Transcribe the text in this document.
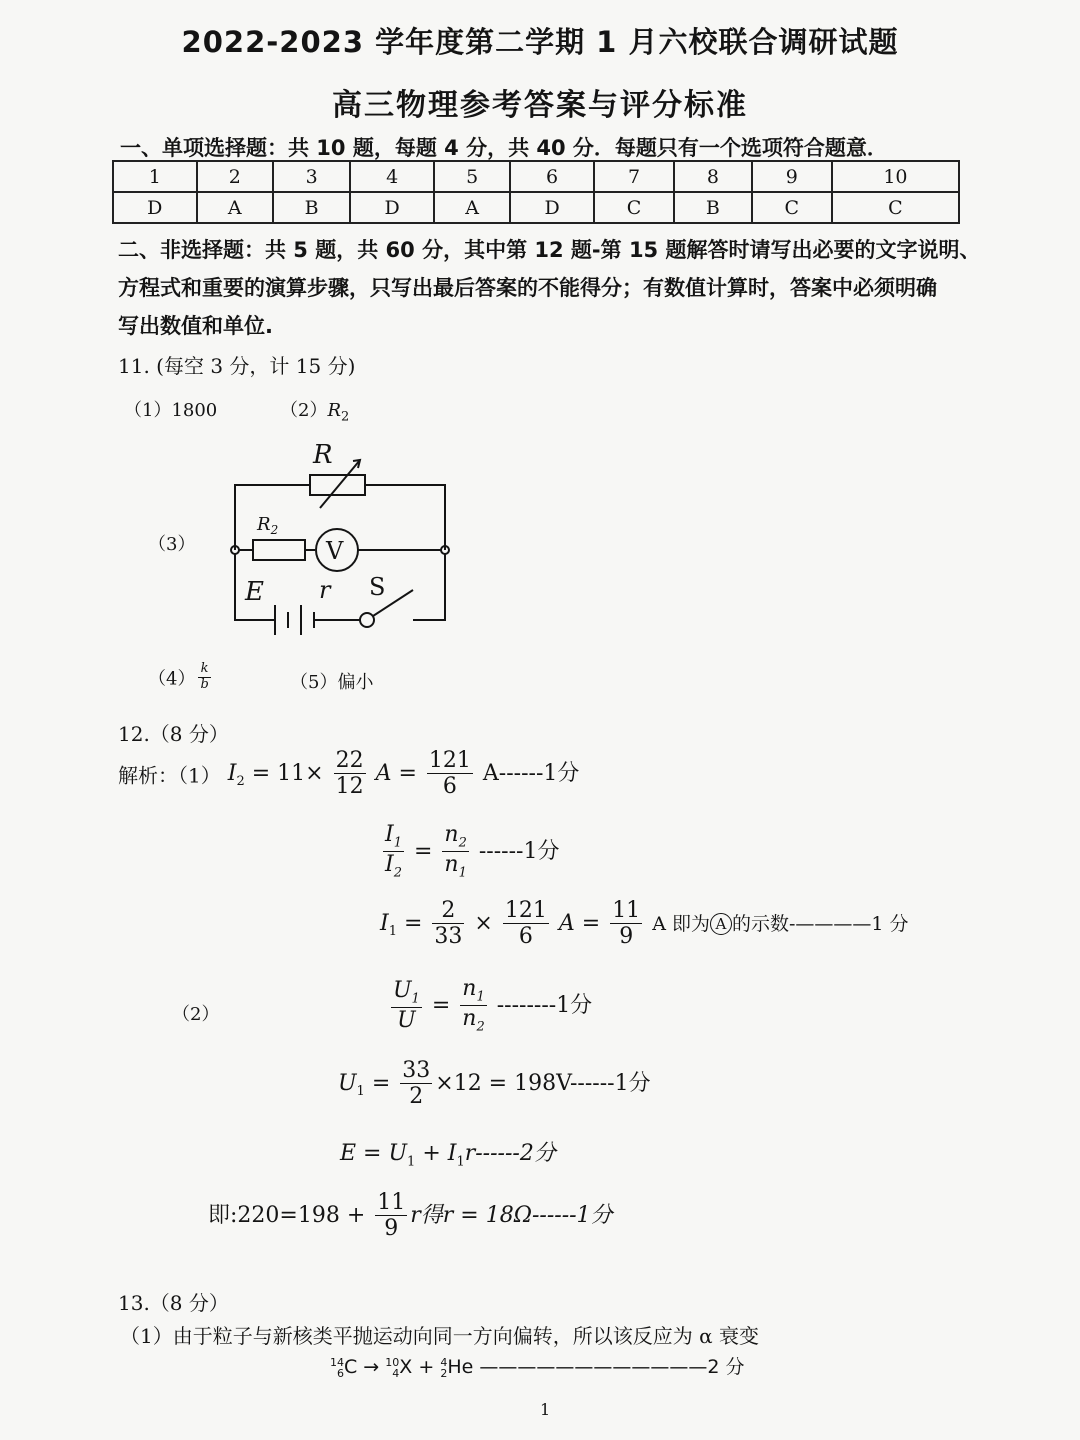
2022-2023 学年度第二学期 1 月六校联合调研试题
高三物理参考答案与评分标准
一、单项选择题：共 10 题，每题 4 分，共 40 分．每题只有一个选项符合题意．
1	2	3	4	5	6	7	8	9	10
D	A	B	D	A	D	C	B	C	C
二、非选择题：共 5 题，共 60 分，其中第 12 题-第 15 题解答时请写出必要的文字说明、
方程式和重要的演算步骤，只写出最后答案的不能得分；有数值计算时，答案中必须明确
写出数值和单位.
11. (每空 3 分，计 15 分)
（1）1800	$(2)R_2$
（3）
R
$R_2$
V
E r S
$(4) \frac{k}{b}$	（5）偏小
12.（8 分）
解析：（1） $I_2 = 11\times \frac{22}{12}$ $A = \frac{121}{6} A------1$分
$\frac{I_1}{I_2} = \frac{n_2}{n_1} ------1$分
$I_1 = \frac{2}{33} \times \frac{121}{6}$ $A = \frac{11}{9}$ A 即为 A 的示数-————1 分
（2）	$\frac{U_1}{U} = \frac{n_1}{n_2} --------1$分
$U_1 = \frac{33}{2} \times 12 = 198V------1$分
$E = U_1 + I_1r------2$分
即:220=198 + $\frac{11}{9}$ r得r = 18Ω------1分
13.（8 分）
（1）由于粒子与新核类平抛运动向同一方向偏转，所以该反应为 α 衰变
14
6 C → 10
4 X + 4
2 He ————————————2 分
1
